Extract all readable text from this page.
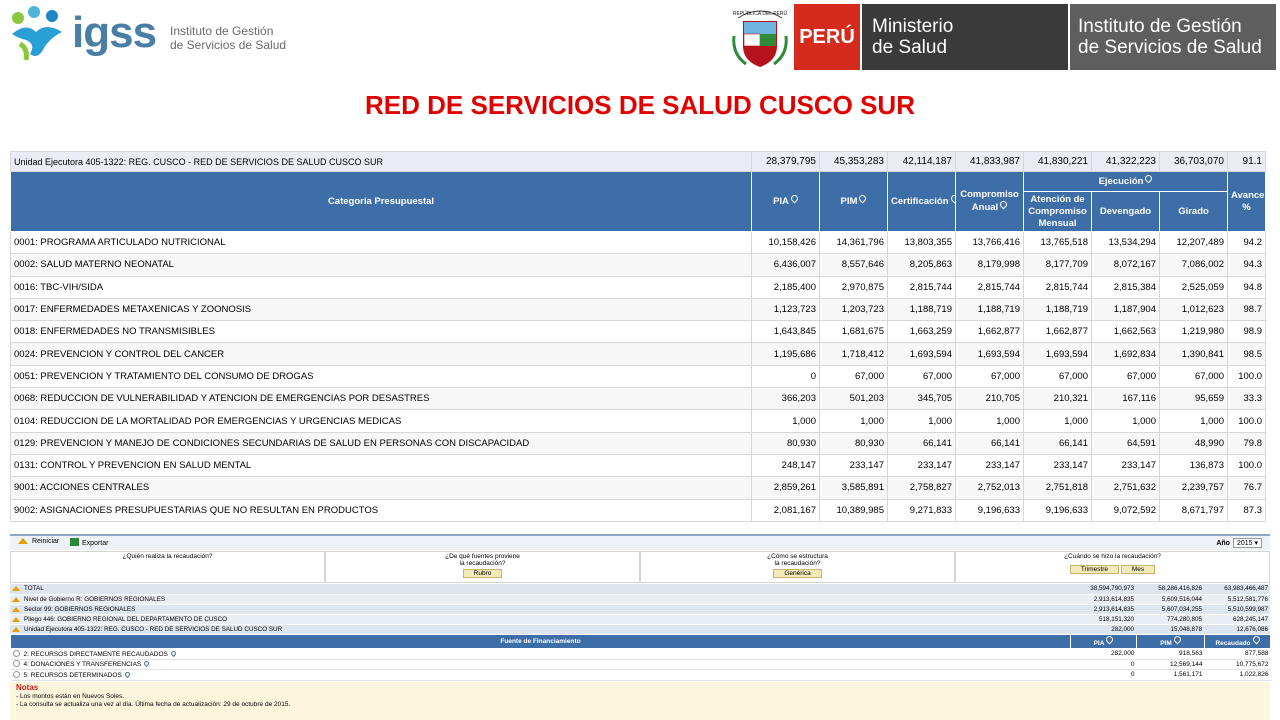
igss Instituto de Gestión
de Servicios de Salud
REPÚBLICA DEL PERÚ
PERÚ Ministerio
de Salud
Instituto de Gestión
de Servicios de Salud
RED DE SERVICIOS DE SALUD CUSCO SUR
Unidad Ejecutora 405-1322: REG. CUSCO - RED DE SERVICIOS DE SALUD CUSCO SUR	28,379,795	45,353,283	42,114,187	41,833,987	41,830,221	41,322,223	36,703,070	91.1
Categoría Presupuestal	PIA	PIM	Certificación	Compromiso Anual	Ejecución			Avance %
					Atención de Compromiso Mensual	Devengado	Girado	
0001: PROGRAMA ARTICULADO NUTRICIONAL	10,158,426	14,361,796	13,803,355	13,766,416	13,765,518	13,534,294	12,207,489	94.2
0002: SALUD MATERNO NEONATAL	6,436,007	8,557,646	8,205,863	8,179,998	8,177,709	8,072,167	7,086,002	94.3
0016: TBC-VIH/SIDA	2,185,400	2,970,875	2,815,744	2,815,744	2,815,744	2,815,384	2,525,059	94.8
0017: ENFERMEDADES METAXENICAS Y ZOONOSIS	1,123,723	1,203,723	1,188,719	1,188,719	1,188,719	1,187,904	1,012,623	98.7
0018: ENFERMEDADES NO TRANSMISIBLES	1,643,845	1,681,675	1,663,259	1,662,877	1,662,877	1,662,563	1,219,980	98.9
0024: PREVENCION Y CONTROL DEL CANCER	1,195,686	1,718,412	1,693,594	1,693,594	1,693,594	1,692,834	1,390,841	98.5
0051: PREVENCION Y TRATAMIENTO DEL CONSUMO DE DROGAS	0	67,000	67,000	67,000	67,000	67,000	67,000	100.0
0068: REDUCCION DE VULNERABILIDAD Y ATENCION DE EMERGENCIAS POR DESASTRES	366,203	501,203	345,705	210,705	210,321	167,116	95,659	33.3
0104: REDUCCION DE LA MORTALIDAD POR EMERGENCIAS Y URGENCIAS MEDICAS	1,000	1,000	1,000	1,000	1,000	1,000	1,000	100.0
0129: PREVENCION Y MANEJO DE CONDICIONES SECUNDARIAS DE SALUD EN PERSONAS CON DISCAPACIDAD	80,930	80,930	66,141	66,141	66,141	64,591	48,990	79.8
0131: CONTROL Y PREVENCION EN SALUD MENTAL	248,147	233,147	233,147	233,147	233,147	233,147	136,873	100.0
9001: ACCIONES CENTRALES	2,859,261	3,585,891	2,758,827	2,752,013	2,751,818	2,751,632	2,239,757	76.7
9002: ASIGNACIONES PRESUPUESTARIAS QUE NO RESULTAN EN PRODUCTOS	2,081,167	10,389,985	9,271,833	9,196,633	9,196,633	9,072,592	8,671,797	87.3
Reiniciar	Exportar	Año 2015 ▾
¿Quién realiza la recaudación?	¿De qué fuentes proviene
la recaudación?
Rubro
¿Cómo se estructura
la recaudación?
Genérica
¿Cuándo se hizo la recaudación?
Trimestre	Mes
TOTAL	38,594,790,973	58,286,416,826	63,983,466,487
Nivel de Gobierno R: GOBIERNOS REGIONALES	2,913,614,835	5,609,516,044	5,512,581,776
Sector 99: GOBIERNOS REGIONALES	2,913,614,835	5,607,034,255	5,510,599,987
Pliego 446: GOBIERNO REGIONAL DEL DEPARTAMENTO DE CUSCO	518,151,320	774,280,805	628,245,147
Unidad Ejecutora 405-1322: REG. CUSCO - RED DE SERVICIOS DE SALUD CUSCO SUR	282,000	15,048,878	12,676,086
Fuente de Financiamiento	PIA	PIM	Recaudado
2: RECURSOS DIRECTAMENTE RECAUDADOS	282,000	918,563	877,588
4: DONACIONES Y TRANSFERENCIAS	0	12,569,144	10,775,672
5: RECURSOS DETERMINADOS	0	1,561,171	1,022,826
Notas
- Los montos están en Nuevos Soles.
- La consulta se actualiza una vez al día. Última fecha de actualización: 29 de octubre de 2015.
